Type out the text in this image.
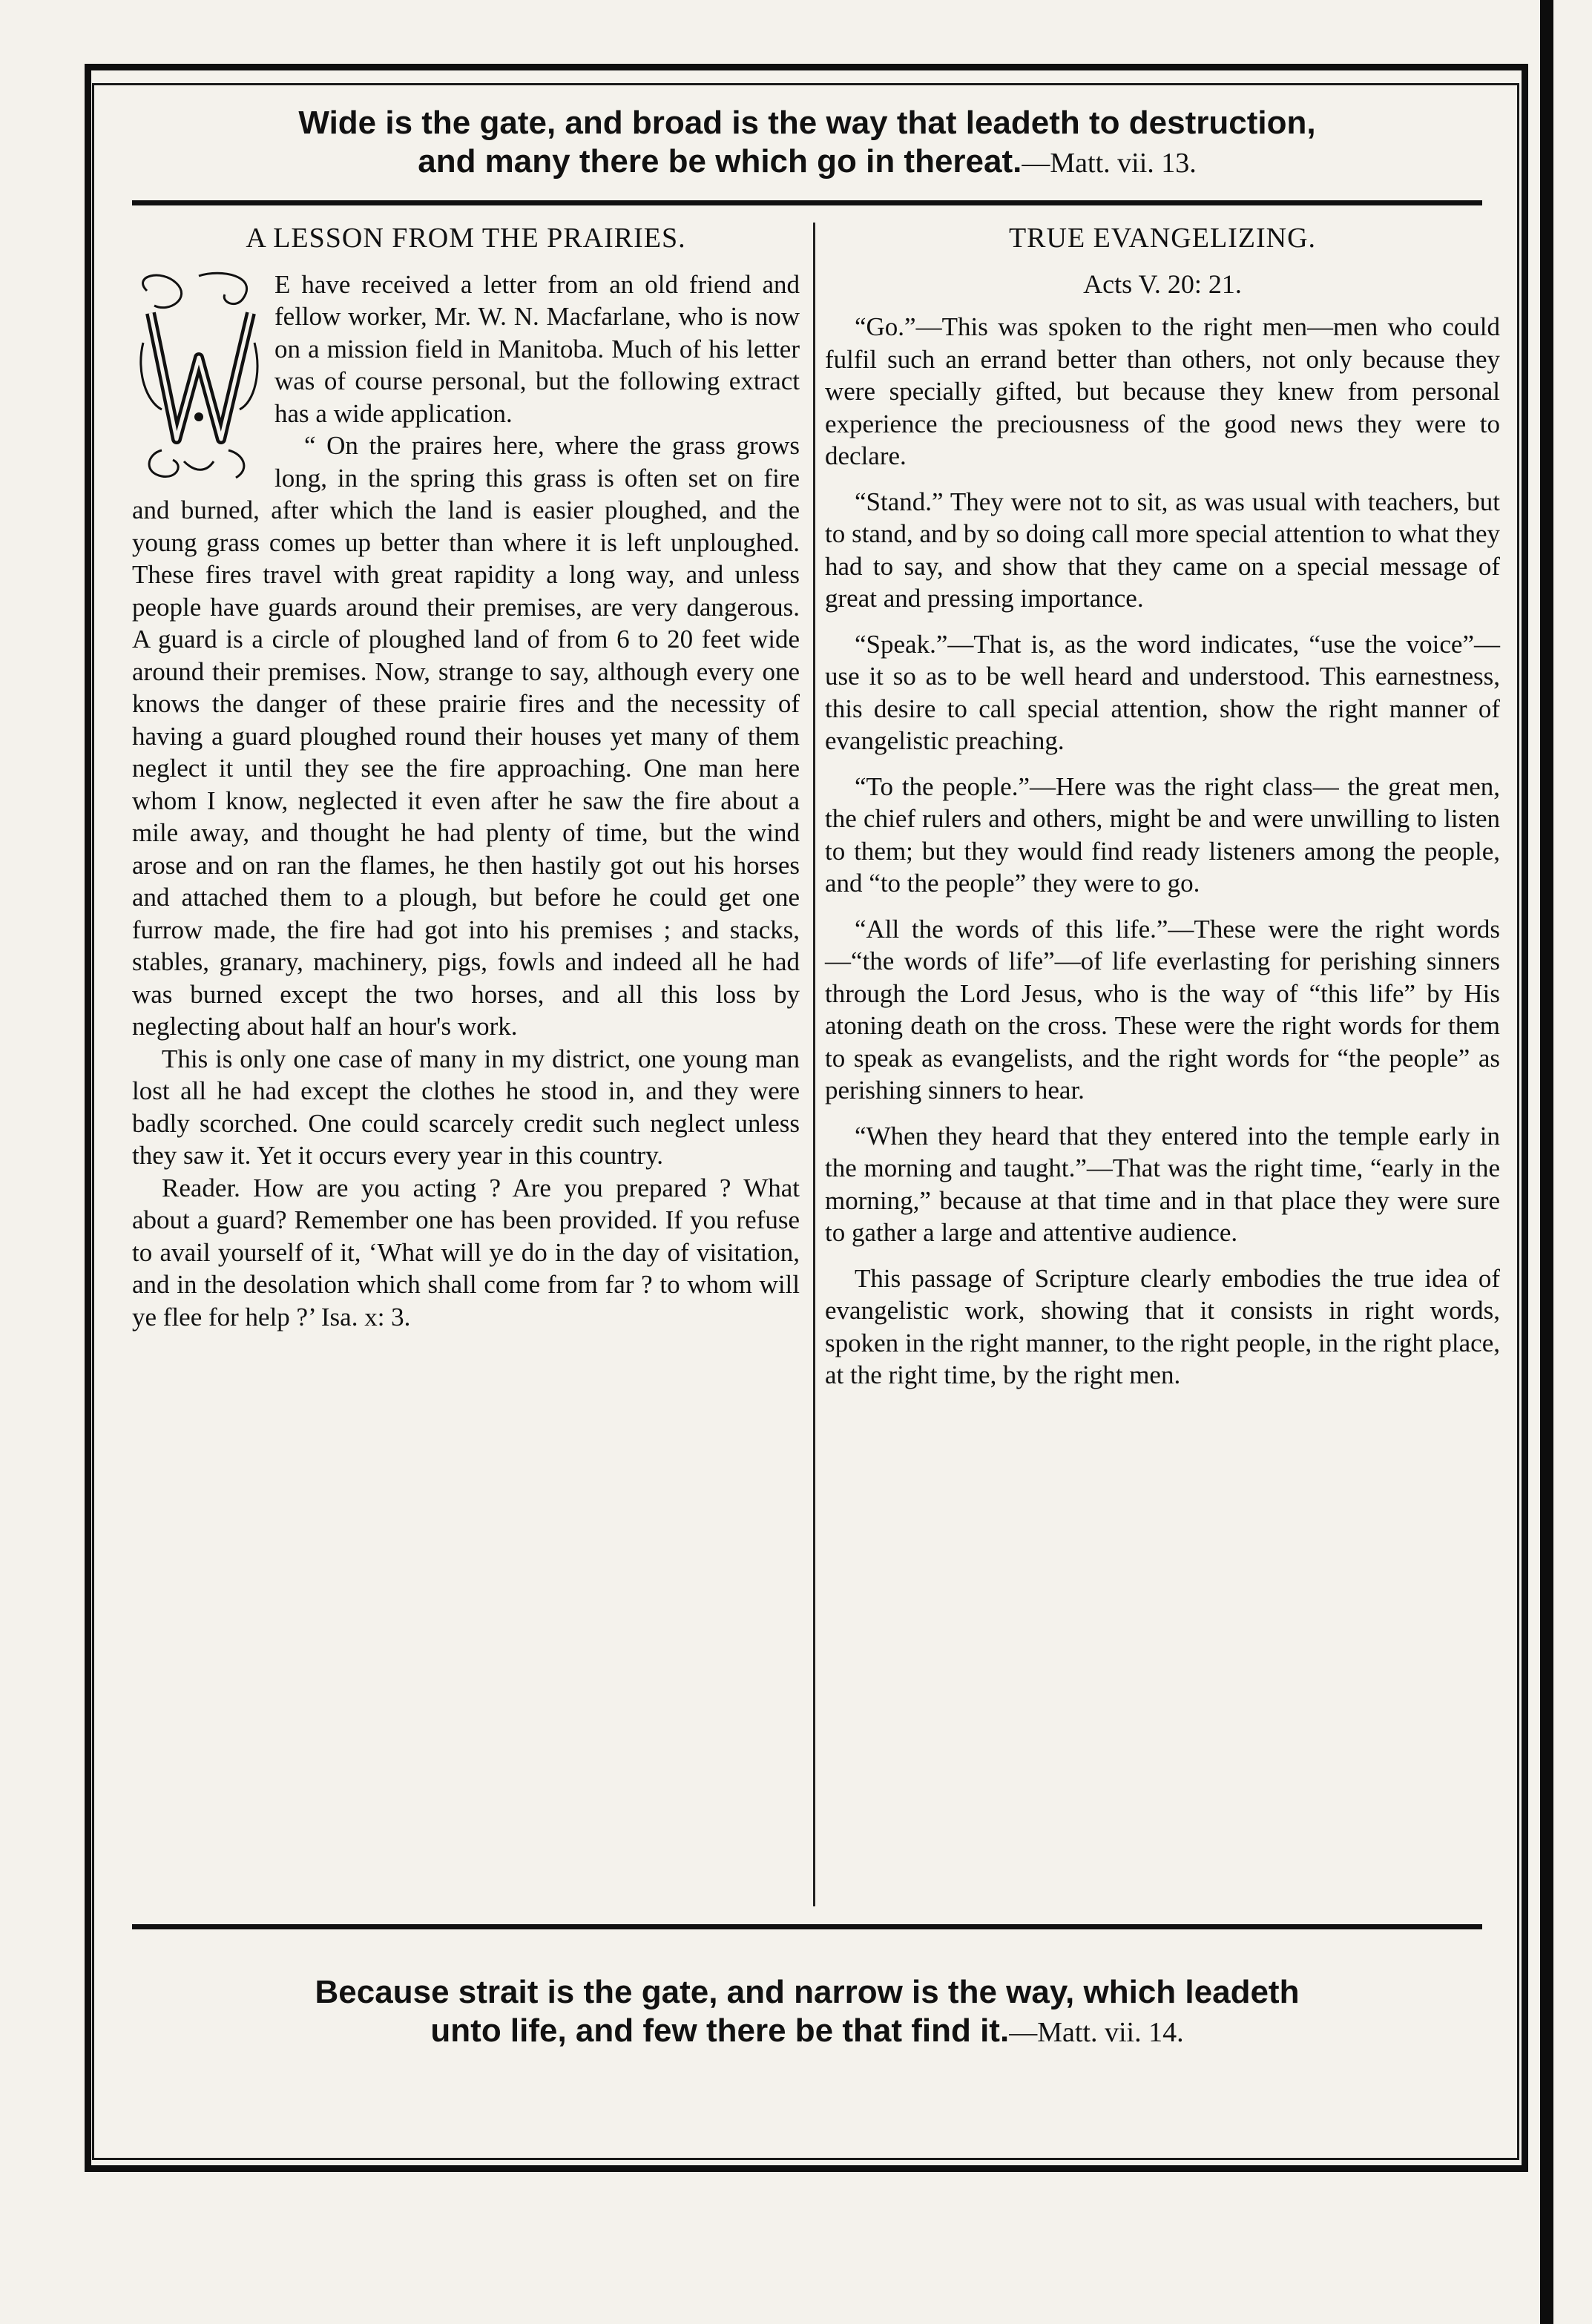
Wide is the gate, and broad is the way that leadeth to destruction,
and many there be which go in thereat.—Matt. vii. 13.
A LESSON FROM THE PRAIRIES.

E have received a letter from an old friend and fellow worker, Mr. W. N. Macfarlane, who is now on a mission field in Manitoba. Much of his letter was of course personal, but the following extract has a wide application.

“ On the praires here, where the grass grows long, in the spring this grass is often set on fire and burned, after which the land is easier ploughed, and the young grass comes up better than where it is left unploughed. These fires travel with great rapidity a long way, and unless people have guards around their premises, are very dangerous. A guard is a circle of ploughed land of from 6 to 20 feet wide around their premises. Now, strange to say, although every one knows the danger of these prairie fires and the necessity of having a guard ploughed round their houses yet many of them neglect it until they see the fire approaching. One man here whom I know, neglected it even after he saw the fire about a mile away, and thought he had plenty of time, but the wind arose and on ran the flames, he then hastily got out his horses and attached them to a plough, but before he could get one furrow made, the fire had got into his premises ; and stacks, stables, granary, machinery, pigs, fowls and indeed all he had was burned except the two horses, and all this loss by neglecting about half an hour's work.

This is only one case of many in my district, one young man lost all he had except the clothes he stood in, and they were badly scorched. One could scarcely credit such neglect unless they saw it. Yet it occurs every year in this country.

Reader. How are you acting ? Are you prepared ? What about a guard? Remember one has been provided. If you refuse to avail yourself of it, ‘What will ye do in the day of visitation, and in the desolation which shall come from far ? to whom will ye flee for help ?’ Isa. x: 3.

TRUE EVANGELIZING.
Acts V. 20: 21.

“Go.”—This was spoken to the right men—men who could fulfil such an errand better than others, not only because they were specially gifted, but because they knew from personal experience the preciousness of the good news they were to declare.

“Stand.” They were not to sit, as was usual with teachers, but to stand, and by so doing call more special attention to what they had to say, and show that they came on a special message of great and pressing importance.

“Speak.”—That is, as the word indicates, “use the voice”—use it so as to be well heard and understood. This earnestness, this desire to call special attention, show the right manner of evangelistic preaching.

“To the people.”—Here was the right class— the great men, the chief rulers and others, might be and were unwilling to listen to them; but they would find ready listeners among the people, and “to the people” they were to go.

“All the words of this life.”—These were the right words—“the words of life”—of life everlasting for perishing sinners through the Lord Jesus, who is the way of “this life” by His atoning death on the cross. These were the right words for them to speak as evangelists, and the right words for “the people” as perishing sinners to hear.

“When they heard that they entered into the temple early in the morning and taught.”—That was the right time, “early in the morning,” because at that time and in that place they were sure to gather a large and attentive audience.

This passage of Scripture clearly embodies the true idea of evangelistic work, showing that it consists in right words, spoken in the right manner, to the right people, in the right place, at the right time, by the right men.

Because strait is the gate, and narrow is the way, which leadeth
unto life, and few there be that find it.—Matt. vii. 14.
